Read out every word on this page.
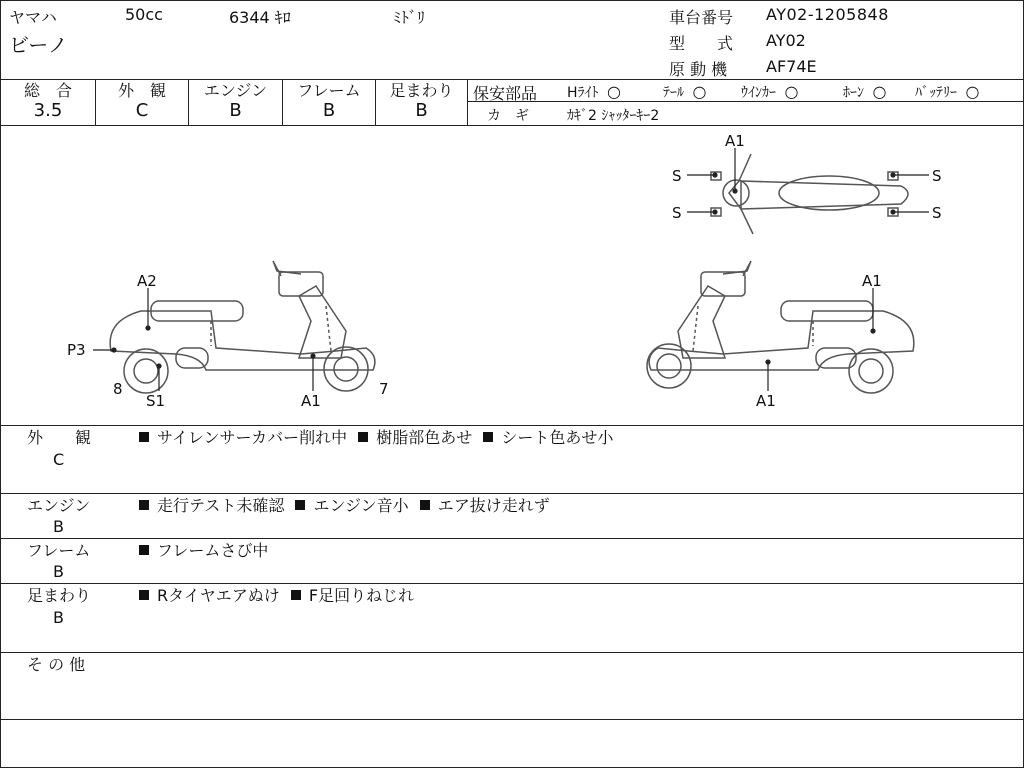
ヤマハ	50cc	6344 ｷﾛ	ﾐﾄﾞﾘ
ビーノ
車台番号 AY02-1205848
型　　式 AY02
原 動 機 AF74E
総　合
3.5
外　観
C
エンジン
B
フレーム
B
足まわり
B
保安部品 Hﾗｲﾄ ○	ﾃｰﾙ ○ ｳｲﾝｶｰ ○	ﾎｰﾝ ○ ﾊﾞｯﾃﾘｰ ○
カ　ギ	ｶｷﾞ2 ｼｬｯﾀｰｷｰ2
A2
P3
8
S1	A1
7
A1
S
S
S
S
A1
A1
外　　観
C
サイレンサーカバー削れ中 樹脂部色あせ シート色あせ小
エンジン
B
走行テスト未確認 エンジン音小 エア抜け走れず
フレーム
B
フレームさび中
足まわり
B
Rタイヤエアぬけ F足回りねじれ
そ の 他
